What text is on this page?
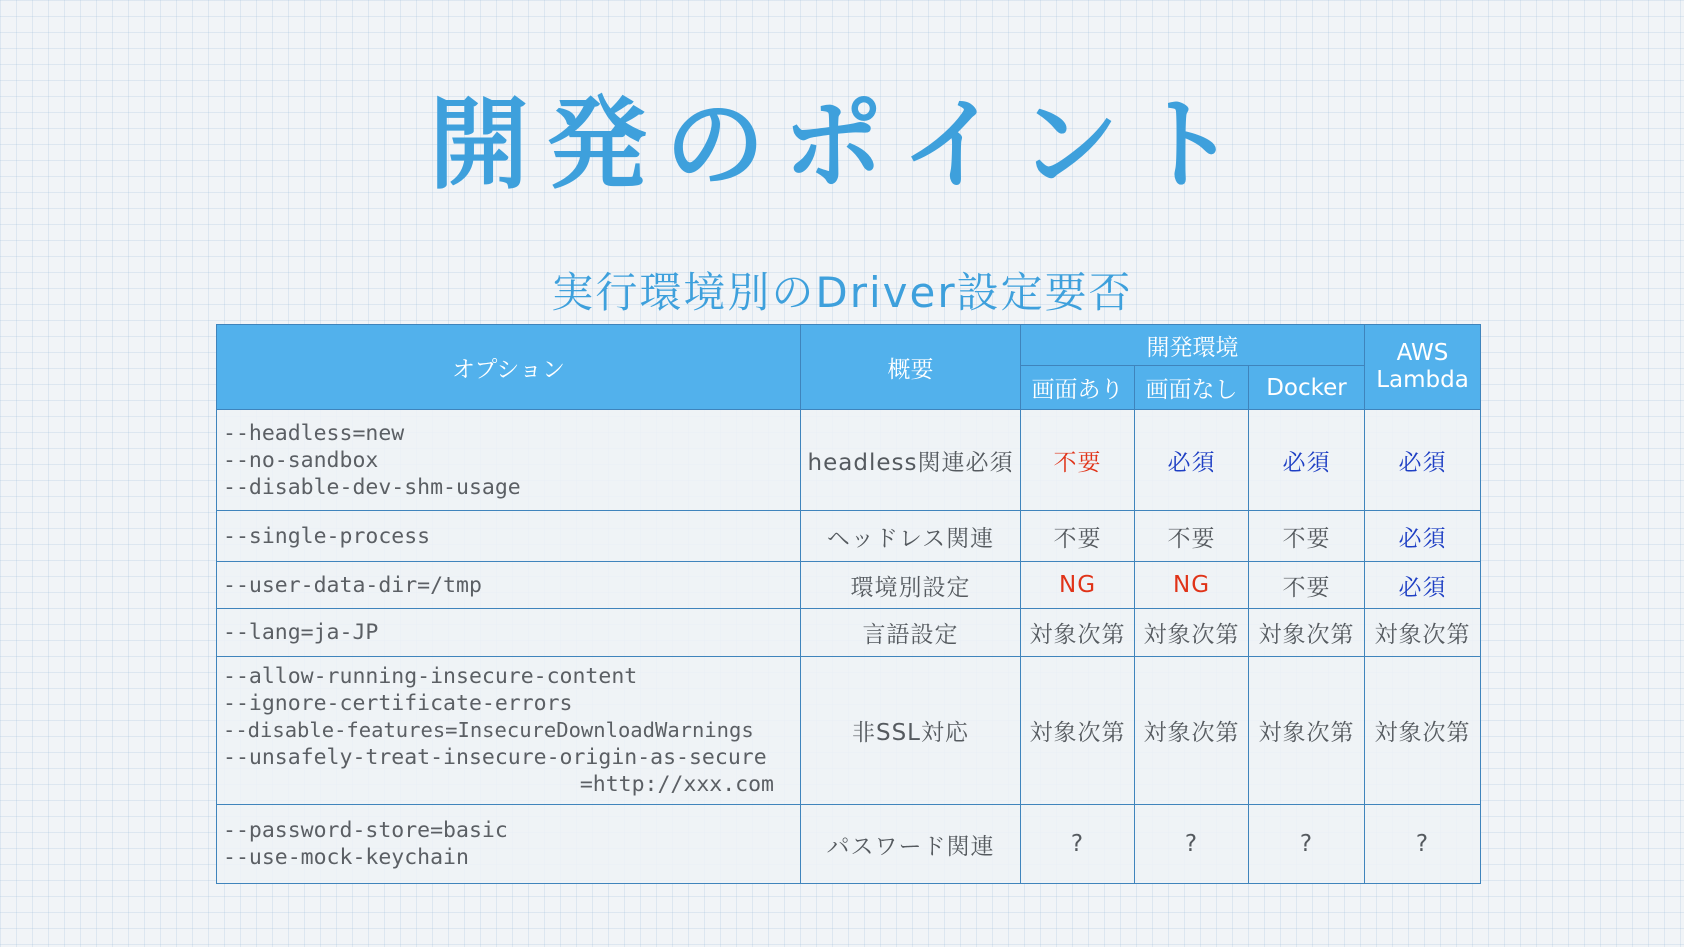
開発のポイント
実行環境別のDriver設定要否
オプション	概要	開発環境			AWS
Lambda

		画面あり	画面なし	Docker	

--headless=new
--no-sandbox
--disable-dev-shm-usage	headless関連必須	不要	必須	必須	必須

--single-process	ヘッドレス関連	不要	不要	不要	必須

--user-data-dir=/tmp	環境別設定	NG	NG	不要	必須

--lang=ja-JP	言語設定	対象次第	対象次第	対象次第	対象次第

--allow-running-insecure-content
--ignore-certificate-errors
--disable-features=InsecureDownloadWarnings
--unsafely-treat-insecure-origin-as-secure
=http://xxx.com	非SSL対応	対象次第	対象次第	対象次第	対象次第

--password-store=basic
--use-mock-keychain	パスワード関連	?	?	?	?
